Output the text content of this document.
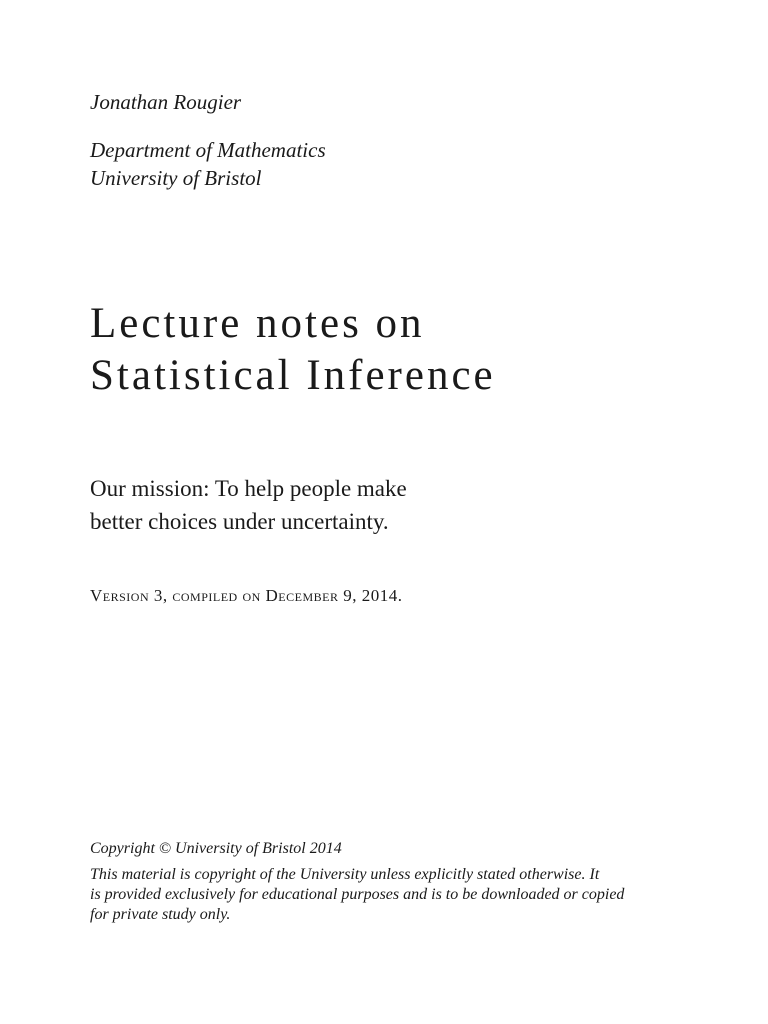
Jonathan Rougier

Department of Mathematics

University of Bristol

Lecture notes on
Statistical Inference
Our mission: To help people make
better choices under uncertainty.
Version 3, compiled on December 9, 2014.

Copyright © University of Bristol 2014

This material is copyright of the University unless explicitly stated otherwise. It
is provided exclusively for educational purposes and is to be downloaded or copied
for private study only.
